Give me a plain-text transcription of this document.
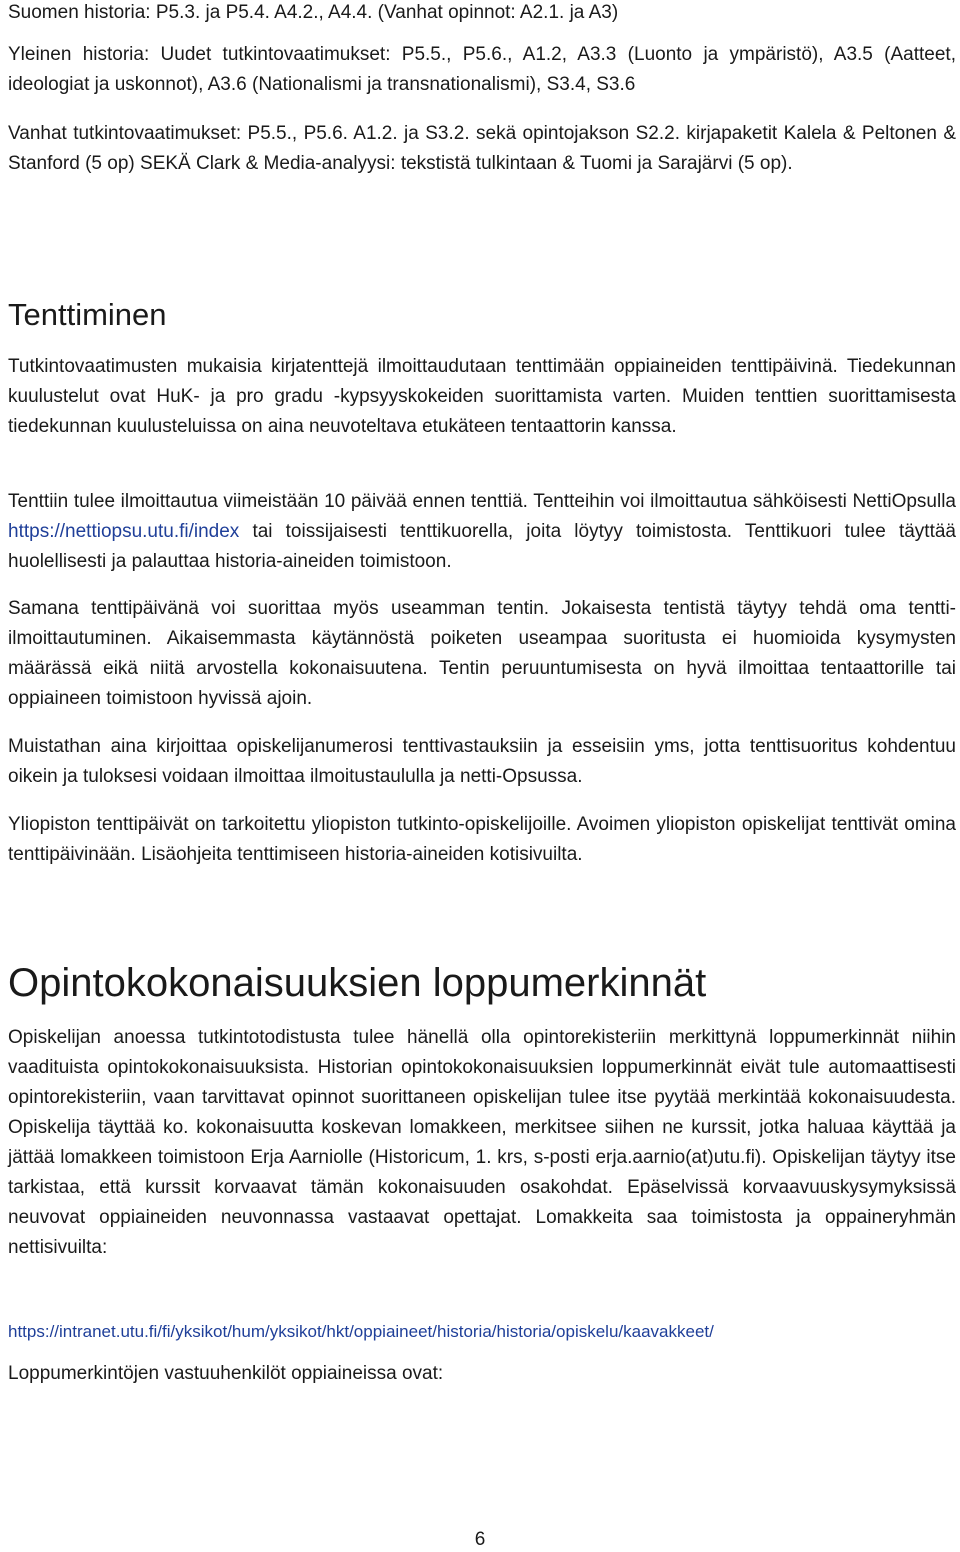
Suomen historia: P5.3. ja P5.4. A4.2., A4.4. (Vanhat opinnot: A2.1. ja A3)

Yleinen historia: Uudet tutkintovaatimukset: P5.5., P5.6., A1.2, A3.3 (Luonto ja ympäristö), A3.5 (Aatteet, ideologiat ja uskonnot), A3.6 (Nationalismi ja transnationalismi), S3.4, S3.6

Vanhat tutkintovaatimukset: P5.5., P5.6. A1.2. ja S3.2. sekä opintojakson S2.2. kirjapaketit Kalela & Peltonen & Stanford (5 op) SEKÄ Clark & Media-analyysi: tekstistä tulkintaan & Tuomi ja Sarajärvi (5 op).

Tenttiminen

Tutkintovaatimusten mukaisia kirjatenttejä ilmoittaudutaan tenttimään oppiaineiden tenttipäivinä. Tiedekunnan kuulustelut ovat HuK- ja pro gradu -kypsyyskokeiden suorittamista varten. Muiden tenttien suorittamisesta tiedekunnan kuulusteluissa on aina neuvoteltava etukäteen tentaattorin kanssa.

Tenttiin tulee ilmoittautua viimeistään 10 päivää ennen tenttiä. Tentteihin voi ilmoittautua sähköisesti NettiOpsulla https://nettiopsu.utu.fi/index tai toissijaisesti tenttikuorella, joita löytyy toimistosta. Tenttikuori tulee täyttää huolellisesti ja palauttaa historia-aineiden toimistoon.

Samana tenttipäivänä voi suorittaa myös useamman tentin. Jokaisesta tentistä täytyy tehdä oma tentti-ilmoittautuminen. Aikaisemmasta käytännöstä poiketen useampaa suoritusta ei huomioida kysymysten määrässä eikä niitä arvostella kokonaisuutena. Tentin peruuntumisesta on hyvä ilmoittaa tentaattorille tai oppiaineen toimistoon hyvissä ajoin.

Muistathan aina kirjoittaa opiskelijanumerosi tenttivastauksiin ja esseisiin yms, jotta tenttisuoritus kohdentuu oikein ja tuloksesi voidaan ilmoittaa ilmoitustaululla ja netti-Opsussa.

Yliopiston tenttipäivät on tarkoitettu yliopiston tutkinto-opiskelijoille. Avoimen yliopiston opiskelijat tenttivät omina tenttipäivinään. Lisäohjeita tenttimiseen historia-aineiden kotisivuilta.

Opintokokonaisuuksien loppumerkinnät

Opiskelijan anoessa tutkintotodistusta tulee hänellä olla opintorekisteriin merkittynä loppumerkinnät niihin vaadituista opintokokonaisuuksista. Historian opintokokonaisuuksien loppumerkinnät eivät tule automaattisesti opintorekisteriin, vaan tarvittavat opinnot suorittaneen opiskelijan tulee itse pyytää merkintää kokonaisuudesta. Opiskelija täyttää ko. kokonaisuutta koskevan lomakkeen, merkitsee siihen ne kurssit, jotka haluaa käyttää ja jättää lomakkeen toimistoon Erja Aarniolle (Historicum, 1. krs, s-posti erja.aarnio(at)utu.fi). Opiskelijan täytyy itse tarkistaa, että kurssit korvaavat tämän kokonaisuuden osakohdat. Epäselvissä korvaavuuskysymyksissä neuvovat oppiaineiden neuvonnassa vastaavat opettajat. Lomakkeita saa toimistosta ja oppaineryhmän nettisivuilta:

https://intranet.utu.fi/fi/yksikot/hum/yksikot/hkt/oppiaineet/historia/historia/opiskelu/kaavakkeet/

Loppumerkintöjen vastuuhenkilöt oppiaineissa ovat:

6
